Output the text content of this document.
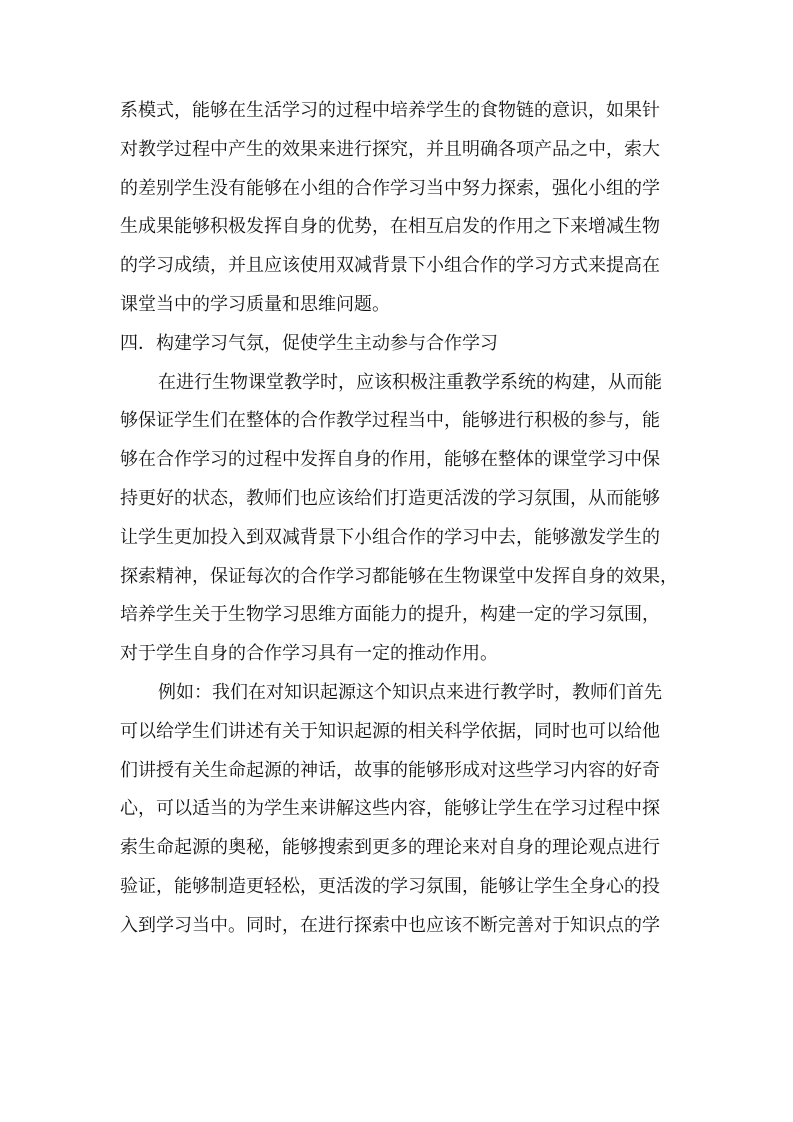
系模式，能够在生活学习的过程中培养学生的食物链的意识，如果针
对教学过程中产生的效果来进行探究，并且明确各项产品之中，索大
的差别学生没有能够在小组的合作学习当中努力探索，强化小组的学
生成果能够积极发挥自身的优势，在相互启发的作用之下来增减生物
的学习成绩，并且应该使用双减背景下小组合作的学习方式来提高在
课堂当中的学习质量和思维问题。
四．构建学习气氛，促使学生主动参与合作学习
在进行生物课堂教学时，应该积极注重教学系统的构建，从而能
够保证学生们在整体的合作教学过程当中，能够进行积极的参与，能
够在合作学习的过程中发挥自身的作用，能够在整体的课堂学习中保
持更好的状态，教师们也应该给们打造更活泼的学习氛围，从而能够
让学生更加投入到双减背景下小组合作的学习中去，能够激发学生的
探索精神，保证每次的合作学习都能够在生物课堂中发挥自身的效果，
培养学生关于生物学习思维方面能力的提升，构建一定的学习氛围，
对于学生自身的合作学习具有一定的推动作用。
例如：我们在对知识起源这个知识点来进行教学时，教师们首先
可以给学生们讲述有关于知识起源的相关科学依据，同时也可以给他
们讲授有关生命起源的神话，故事的能够形成对这些学习内容的好奇
心，可以适当的为学生来讲解这些内容，能够让学生在学习过程中探
索生命起源的奥秘，能够搜索到更多的理论来对自身的理论观点进行
验证，能够制造更轻松，更活泼的学习氛围，能够让学生全身心的投
入到学习当中。同时，在进行探索中也应该不断完善对于知识点的学
